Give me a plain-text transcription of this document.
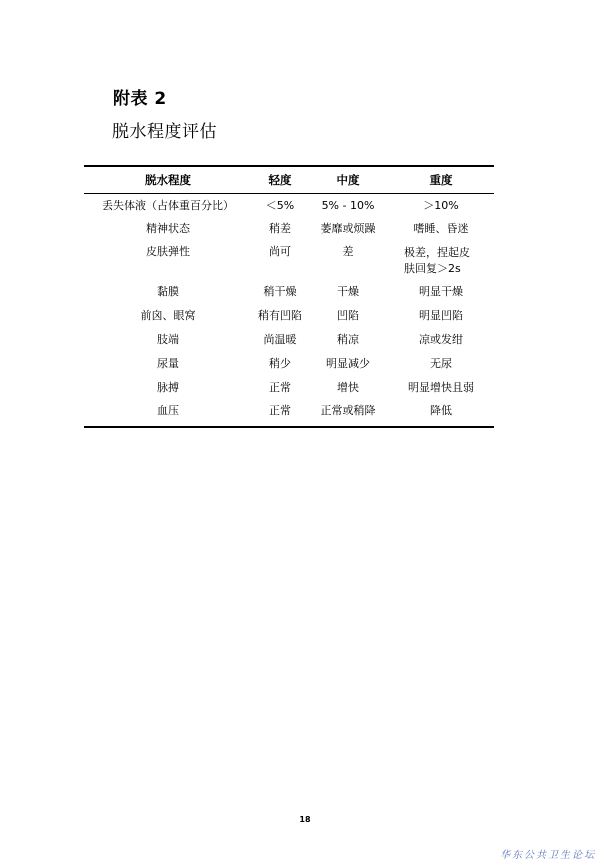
附表 2
脱水程度评估
脱水程度	轻度	中度	重度
丢失体液（占体重百分比）	＜5%	5% - 10%	＞10%
精神状态	稍差	萎靡或烦躁	嗜睡、昏迷
皮肤弹性	尚可	差	极差，捏起皮肤回复＞2s
黏膜	稍干燥	干燥	明显干燥
前囟、眼窝	稍有凹陷	凹陷	明显凹陷
肢端	尚温暖	稍凉	凉或发绀
尿量	稍少	明显减少	无尿
脉搏	正常	增快	明显增快且弱
血压	正常	正常或稍降	降低
18
华东公共卫生论坛
